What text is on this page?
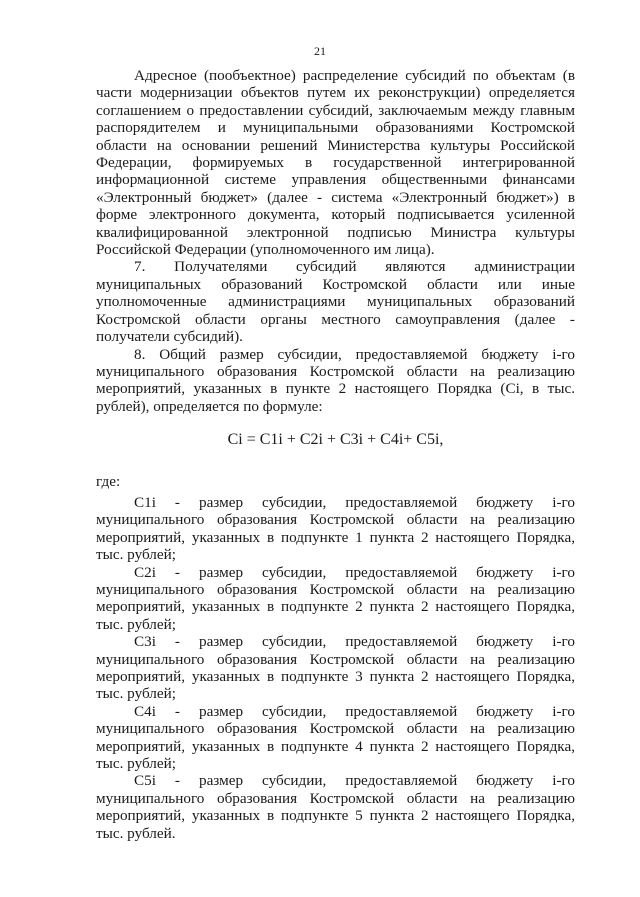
21

Адресное (пообъектное) распределение субсидий по объектам (в части модернизации объектов путем их реконструкции) определяется соглашением о предоставлении субсидий, заключаемым между главным распорядителем и муниципальными образованиями Костромской области на основании решений Министерства культуры Российской Федерации, формируемых в государственной интегрированной информационной системе управления общественными финансами «Электронный бюджет» (далее - система «Электронный бюджет») в форме электронного документа, который подписывается усиленной квалифицированной электронной подписью Министра культуры Российской Федерации (уполномоченного им лица).

7. Получателями субсидий являются администрации муниципальных образований Костромской области или иные уполномоченные администрациями муниципальных образований Костромской области органы местного самоуправления (далее - получатели субсидий).

8. Общий размер субсидии, предоставляемой бюджету i-го муниципального образования Костромской области на реализацию мероприятий, указанных в пункте 2 настоящего Порядка (Ci, в тыс. рублей), определяется по формуле:

Ci = C1i + C2i + C3i + C4i+ C5i,

где:

C1i - размер субсидии, предоставляемой бюджету i-го муниципального образования Костромской области на реализацию мероприятий, указанных в подпункте 1 пункта 2 настоящего Порядка, тыс. рублей;

C2i - размер субсидии, предоставляемой бюджету i-го муниципального образования Костромской области на реализацию мероприятий, указанных в подпункте 2 пункта 2 настоящего Порядка, тыс. рублей;

C3i - размер субсидии, предоставляемой бюджету i-го муниципального образования Костромской области на реализацию мероприятий, указанных в подпункте 3 пункта 2 настоящего Порядка, тыс. рублей;

C4i - размер субсидии, предоставляемой бюджету i-го муниципального образования Костромской области на реализацию мероприятий, указанных в подпункте 4 пункта 2 настоящего Порядка, тыс. рублей;

C5i - размер субсидии, предоставляемой бюджету i-го муниципального образования Костромской области на реализацию мероприятий, указанных в подпункте 5 пункта 2 настоящего Порядка, тыс. рублей.
